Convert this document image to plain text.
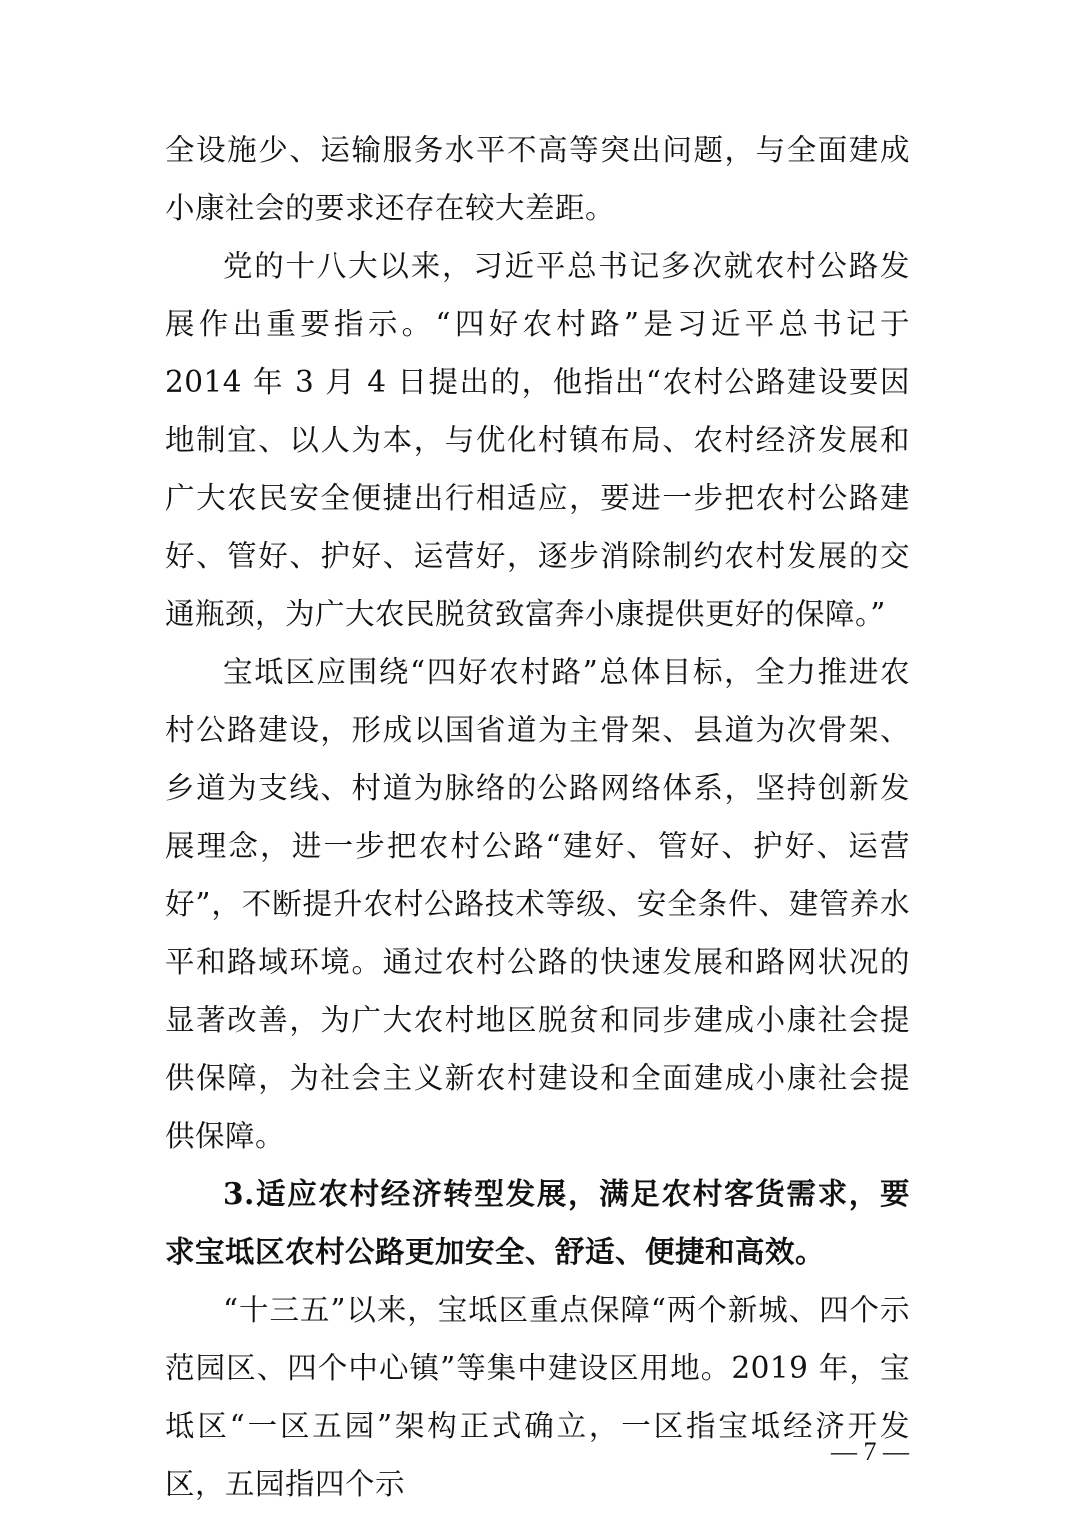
全设施少、运输服务水平不高等突出问题，与全面建成小康社会的要求还存在较大差距。

党的十八大以来，习近平总书记多次就农村公路发展作出重要指示。“四好农村路”是习近平总书记于 2014 年 3 月 4 日提出的，他指出“农村公路建设要因地制宜、以人为本，与优化村镇布局、农村经济发展和广大农民安全便捷出行相适应，要进一步把农村公路建好、管好、护好、运营好，逐步消除制约农村发展的交通瓶颈，为广大农民脱贫致富奔小康提供更好的保障。”

宝坻区应围绕“四好农村路”总体目标，全力推进农村公路建设，形成以国省道为主骨架、县道为次骨架、乡道为支线、村道为脉络的公路网络体系，坚持创新发展理念，进一步把农村公路“建好、管好、护好、运营好”，不断提升农村公路技术等级、安全条件、建管养水平和路域环境。通过农村公路的快速发展和路网状况的显著改善，为广大农村地区脱贫和同步建成小康社会提供保障，为社会主义新农村建设和全面建成小康社会提供保障。

3.适应农村经济转型发展，满足农村客货需求，要求宝坻区农村公路更加安全、舒适、便捷和高效。

“十三五”以来，宝坻区重点保障“两个新城、四个示范园区、四个中心镇”等集中建设区用地。2019 年，宝坻区“一区五园”架构正式确立，一区指宝坻经济开发区，五园指四个示

— 7 —
